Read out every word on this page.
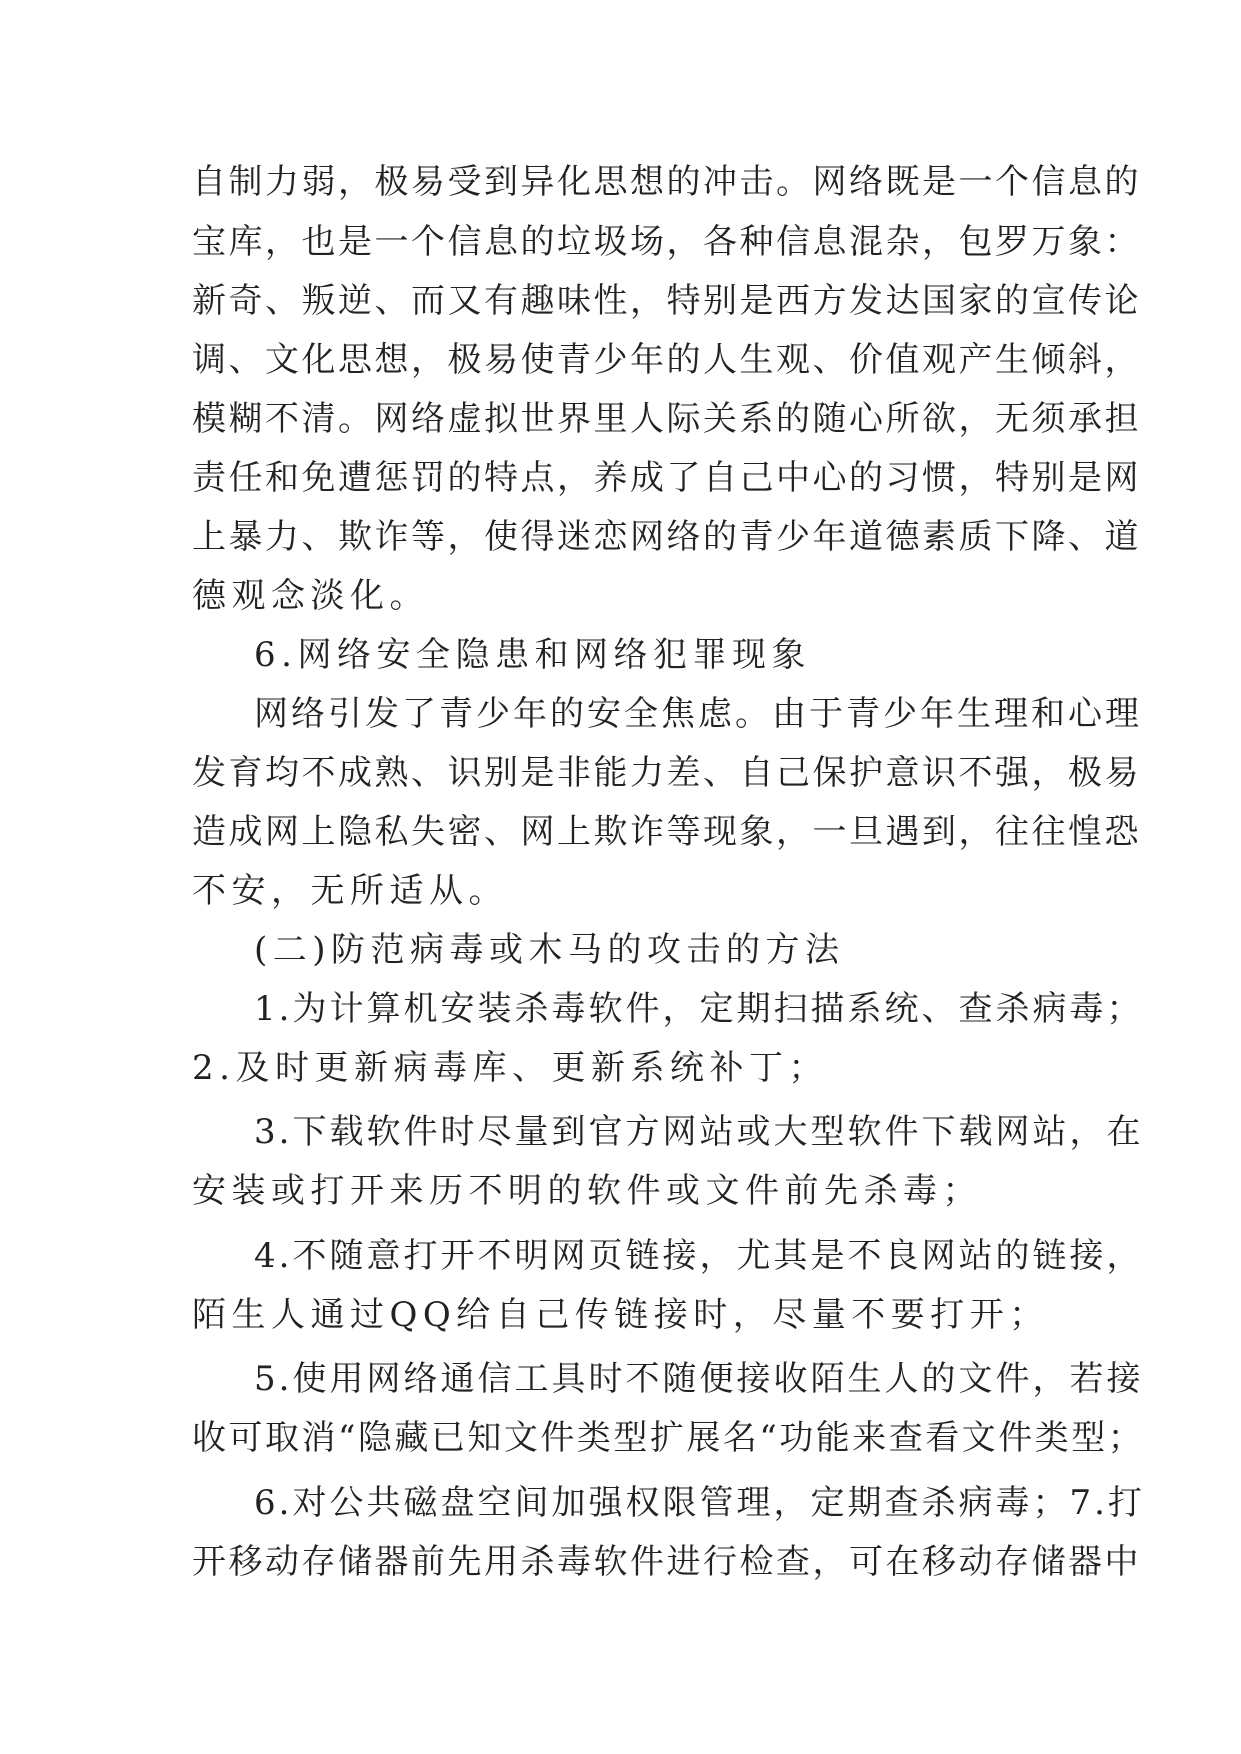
自制力弱，极易受到异化思想的冲击。网络既是一个信息的
宝库，也是一个信息的垃圾场，各种信息混杂，包罗万象：
新奇、叛逆、而又有趣味性，特别是西方发达国家的宣传论
调、文化思想，极易使青少年的人生观、价值观产生倾斜，
模糊不清。网络虚拟世界里人际关系的随心所欲，无须承担
责任和免遭惩罚的特点，养成了自己中心的习惯，特别是网
上暴力、欺诈等，使得迷恋网络的青少年道德素质下降、道
德观念淡化。
6.网络安全隐患和网络犯罪现象
网络引发了青少年的安全焦虑。由于青少年生理和心理
发育均不成熟、识别是非能力差、自己保护意识不强，极易
造成网上隐私失密、网上欺诈等现象，一旦遇到，往往惶恐
不安，无所适从。
(二)防范病毒或木马的攻击的方法
1.为计算机安装杀毒软件，定期扫描系统、查杀病毒；
2.及时更新病毒库、更新系统补丁；
3.下载软件时尽量到官方网站或大型软件下载网站，在
安装或打开来历不明的软件或文件前先杀毒；
4.不随意打开不明网页链接，尤其是不良网站的链接，
陌生人通过QQ给自己传链接时，尽量不要打开；
5.使用网络通信工具时不随便接收陌生人的文件，若接
收可取消“隐藏已知文件类型扩展名“功能来查看文件类型；
6.对公共磁盘空间加强权限管理，定期查杀病毒；7.打
开移动存储器前先用杀毒软件进行检查，可在移动存储器中
